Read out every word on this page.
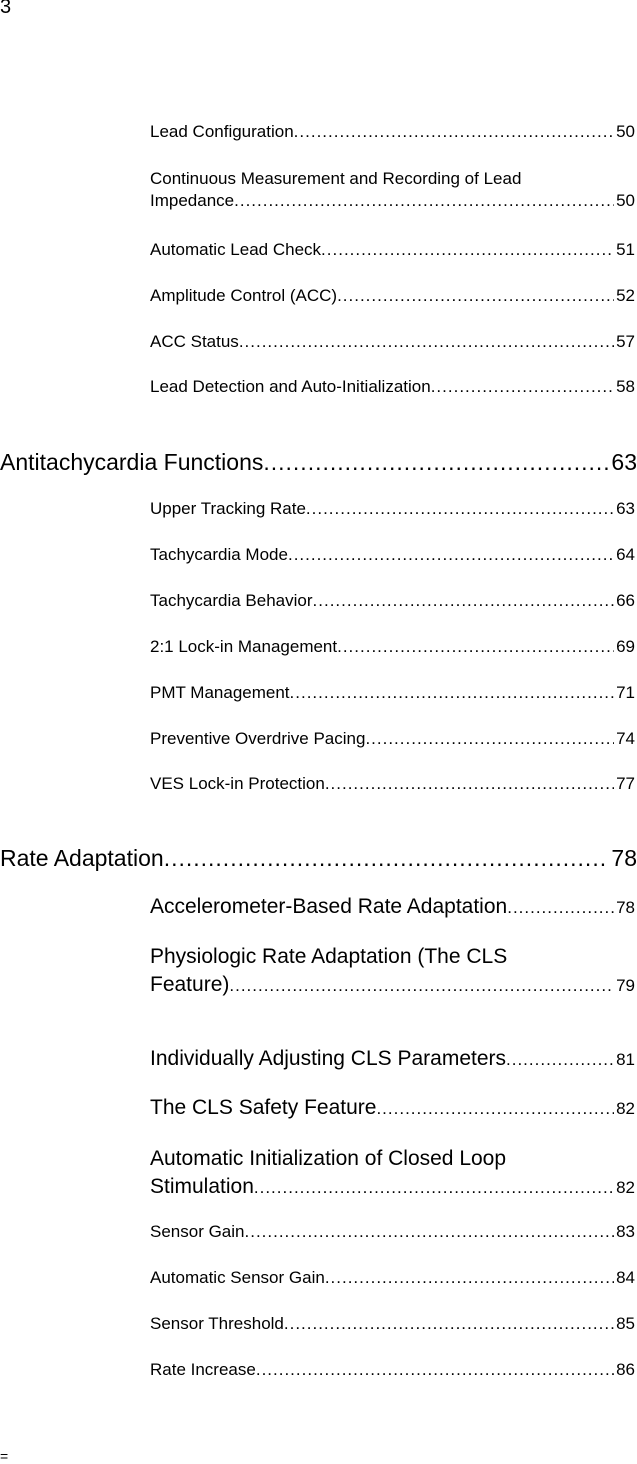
3
Lead Configuration .....	50
Continuous Measurement and Recording of Lead
Impedance .....	50
Automatic Lead Check .....	51
Amplitude Control (ACC) .....	52
ACC Status .....	57
Lead Detection and Auto-Initialization .....	58
Antitachycardia Functions .....	63
Upper Tracking Rate .....	63
Tachycardia Mode .....	64
Tachycardia Behavior .....	66
2:1 Lock-in Management .....	69
PMT Management .....	71
Preventive Overdrive Pacing .....	74
VES Lock-in Protection .....	77
Rate Adaptation .....	78
Accelerometer-Based Rate Adaptation .....	78
Physiologic Rate Adaptation (The CLS
Feature) .....	79
Individually Adjusting CLS Parameters .....	81
The CLS Safety Feature .....	82
Automatic Initialization of Closed Loop
Stimulation .....	82
Sensor Gain .....	83
Automatic Sensor Gain .....	84
Sensor Threshold .....	85
Rate Increase .....	86
=
